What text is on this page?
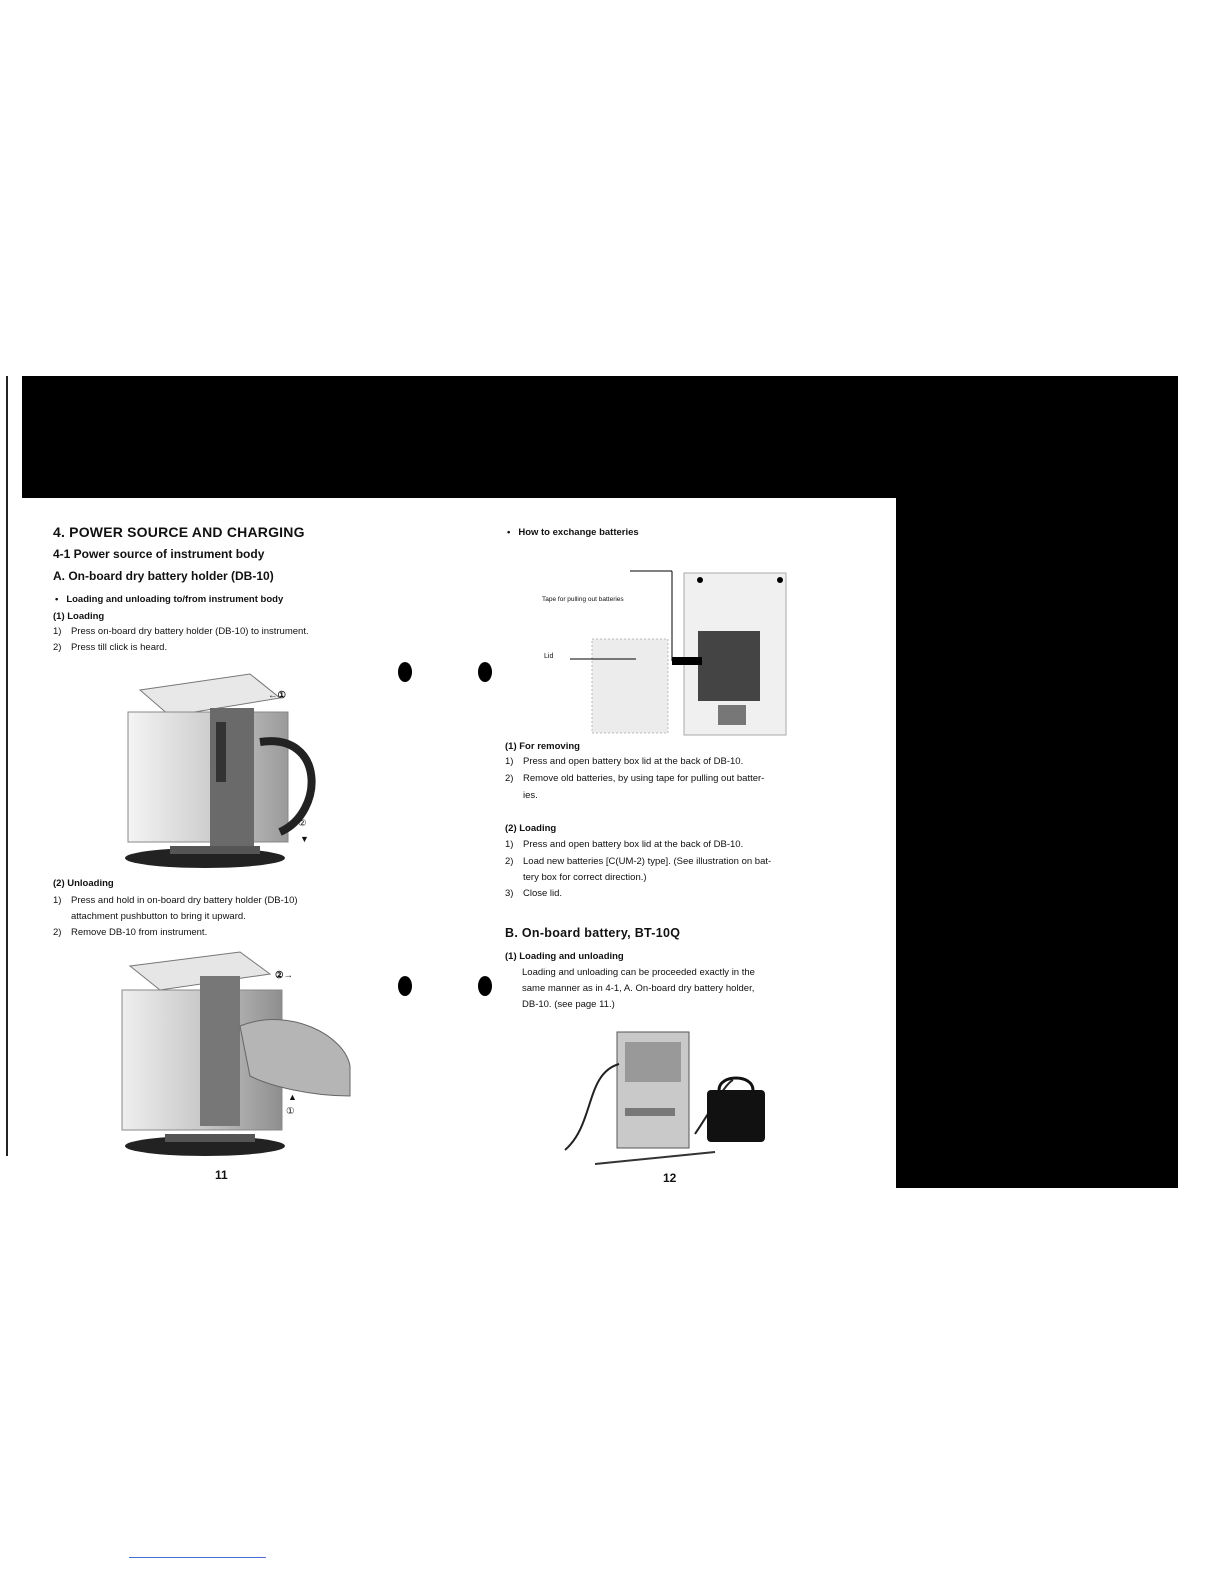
4. POWER SOURCE AND CHARGING
4-1 Power source of instrument body
A. On-board dry battery holder (DB-10)
• Loading and unloading to/from instrument body
(1) Loading
1) Press on-board dry battery holder (DB-10) to instrument.
2) Press till click is heard.
←①
②
▼
(2) Unloading
1) Press and hold in on-board dry battery holder (DB-10)
attachment pushbutton to bring it upward.
2) Remove DB-10 from instrument.
②→
▲
①
11
• How to exchange batteries
Tape for pulling out batteries
Lid
(1) For removing
1) Press and open battery box lid at the back of DB-10.
2) Remove old batteries, by using tape for pulling out batter-
ies.
(2) Loading
1) Press and open battery box lid at the back of DB-10.
2) Load new batteries [C(UM-2) type]. (See illustration on bat-
tery box for correct direction.)
3) Close lid.
B. On-board battery, BT-10Q
(1) Loading and unloading
Loading and unloading can be proceeded exactly in the
same manner as in 4-1, A. On-board dry battery holder,
DB-10. (see page 11.)
12
